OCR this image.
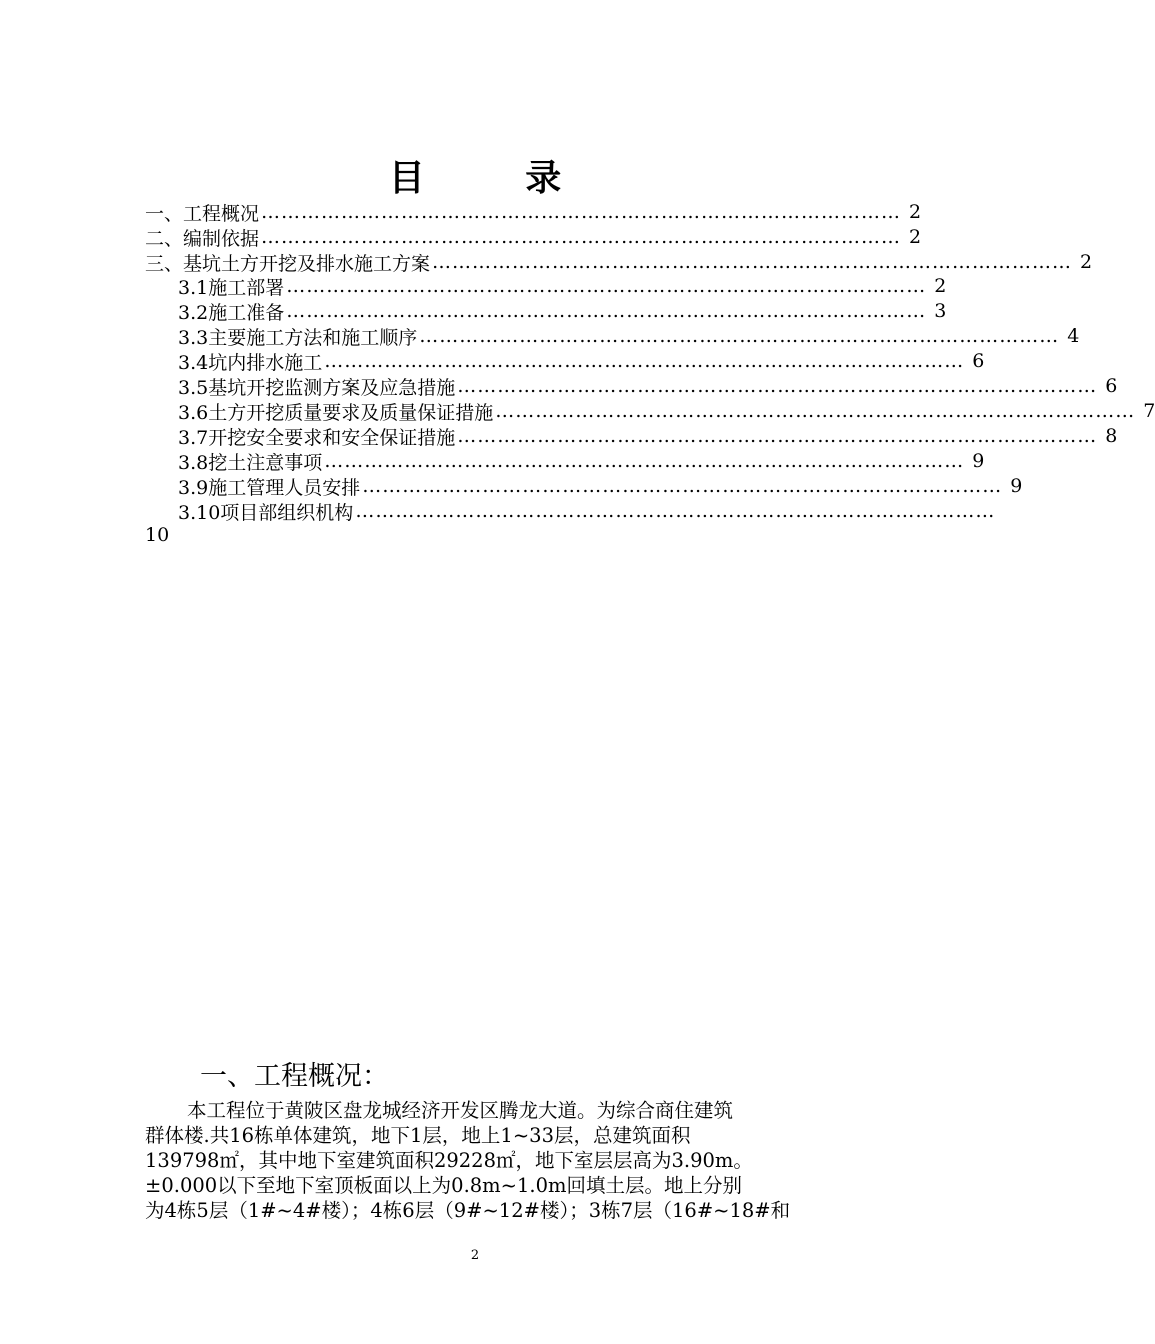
目 录
一、工程概况 …………………………………………………………………………………… 2
二、编制依据 …………………………………………………………………………………… 2
三、基坑土方开挖及排水施工方案 …………………………………………………………………………………… 2
3.1施工部署 …………………………………………………………………………………… 2
3.2施工准备 …………………………………………………………………………………… 3
3.3主要施工方法和施工顺序 …………………………………………………………………………………… 4
3.4坑内排水施工 …………………………………………………………………………………… 6
3.5基坑开挖监测方案及应急措施 …………………………………………………………………………………… 6
3.6土方开挖质量要求及质量保证措施 …………………………………………………………………………………… 7
3.7开挖安全要求和安全保证措施 …………………………………………………………………………………… 8
3.8挖土注意事项 …………………………………………………………………………………… 9
3.9施工管理人员安排 …………………………………………………………………………………… 9
3.10项目部组织机构 ……………………………………………………………………………………
10
一、工程概况：
本工程位于黄陂区盘龙城经济开发区腾龙大道。为综合商住建筑
群体楼.共16栋单体建筑，地下1层，地上1~33层，总建筑面积
139798㎡，其中地下室建筑面积29228㎡，地下室层层高为3.90m。
±0.000以下至地下室顶板面以上为0.8m~1.0m回填土层。地上分别
为4栋5层（1#~4#楼）；4栋6层（9#~12#楼）；3栋7层（16#~18#和
2
